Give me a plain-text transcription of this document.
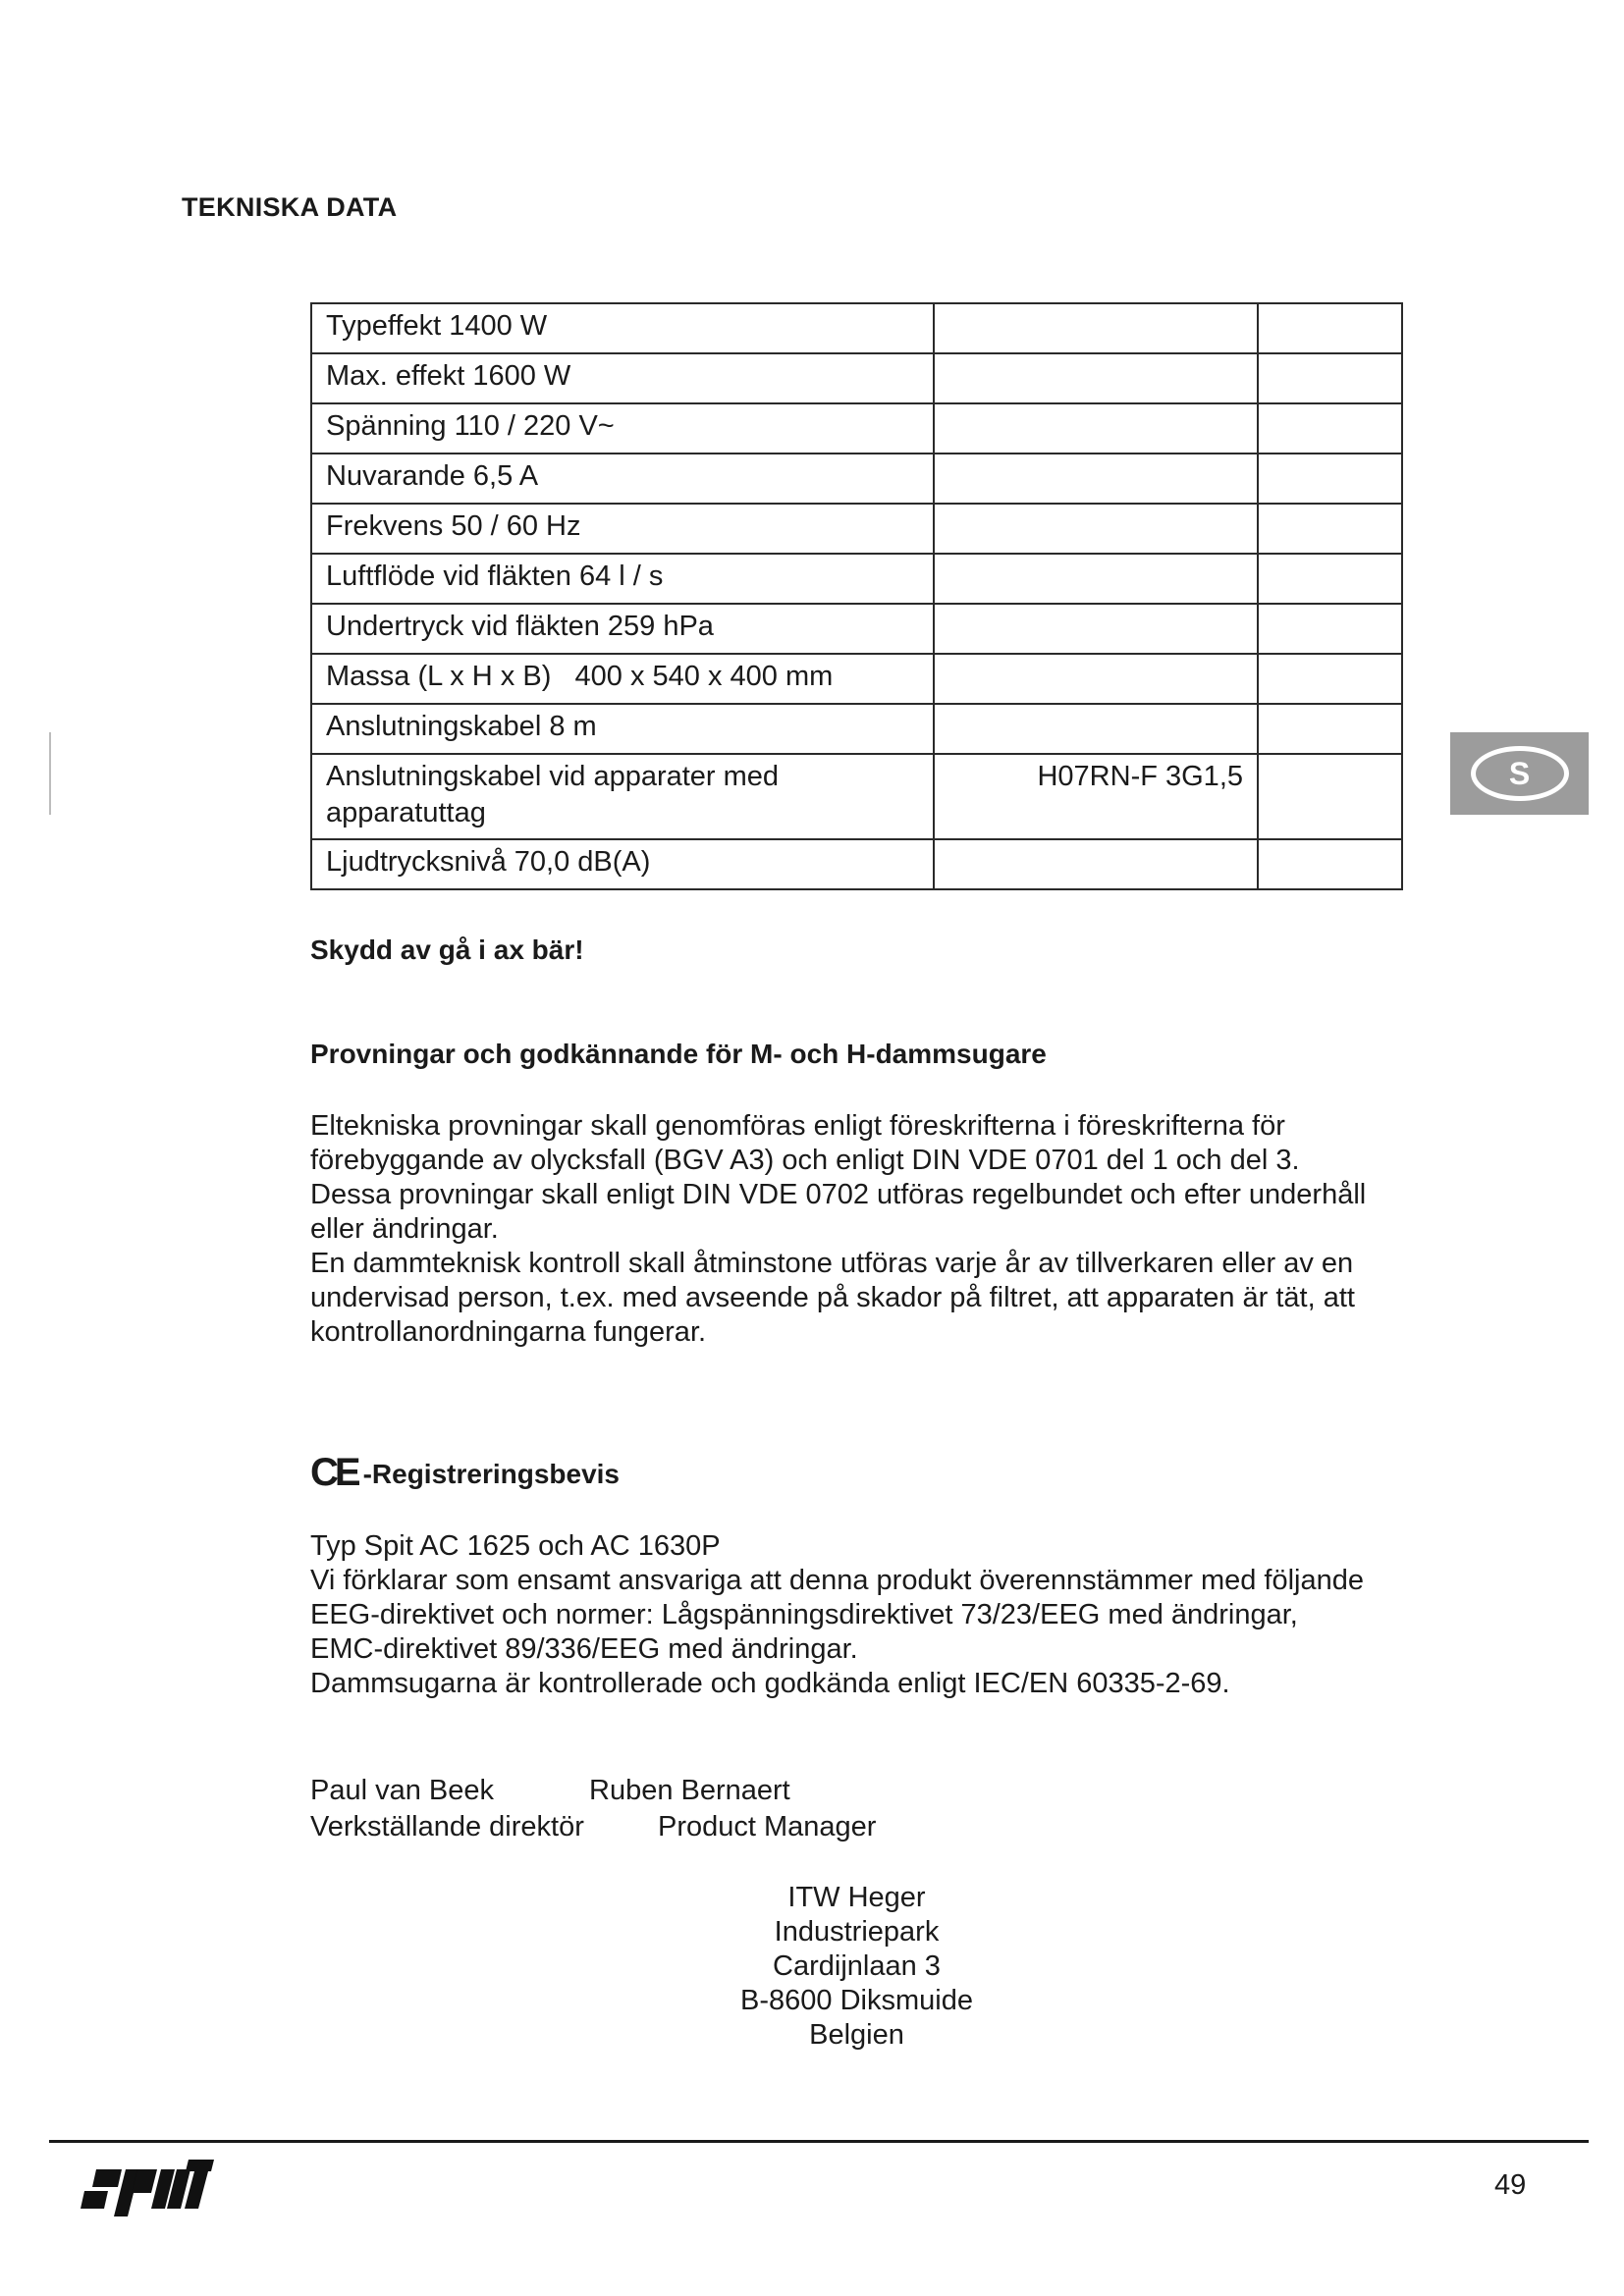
TEKNISKA DATA
Typeffekt 1400 W		
Max. effekt 1600 W		
Spänning 110 / 220 V~		
Nuvarande 6,5 A		
Frekvens 50 / 60 Hz		
Luftflöde vid fläkten 64 l / s		
Undertryck vid fläkten 259 hPa		
Massa (L x H x B)   400 x 540 x 400 mm		
Anslutningskabel 8 m		
Anslutningskabel vid apparater med apparatuttag	H07RN-F 3G1,5	
Ljudtrycksnivå 70,0 dB(A)		
S
Skydd av gå i ax bär!
Provningar och godkännande för M- och H-dammsugare

Eltekniska provningar skall genomföras enligt föreskrifterna i föreskrifterna för

förebyggande av olycksfall (BGV A3) och enligt DIN VDE 0701 del 1 och del 3.

Dessa provningar skall enligt DIN VDE 0702 utföras regelbundet och efter underhåll

eller ändringar.

En dammteknisk kontroll skall åtminstone utföras varje år av tillverkaren eller av en

undervisad person, t.ex. med avseende på skador på filtret, att apparaten är tät, att

kontrollanordningarna fungerar.

CE -Registreringsbevis

Typ Spit AC 1625 och AC 1630P

Vi förklarar som ensamt ansvariga att denna produkt överennstämmer med följande

EEG-direktivet och normer: Lågspänningsdirektivet 73/23/EEG med ändringar,

EMC-direktivet 89/336/EEG med ändringar.

Dammsugarna är kontrollerade och godkända enligt IEC/EN 60335-2-69.

Paul van Beek	Ruben Bernaert
Verkställande direktör	Product Manager
ITW Heger
Industriepark
Cardijnlaan 3
B-8600 Diksmuide
Belgien
49
